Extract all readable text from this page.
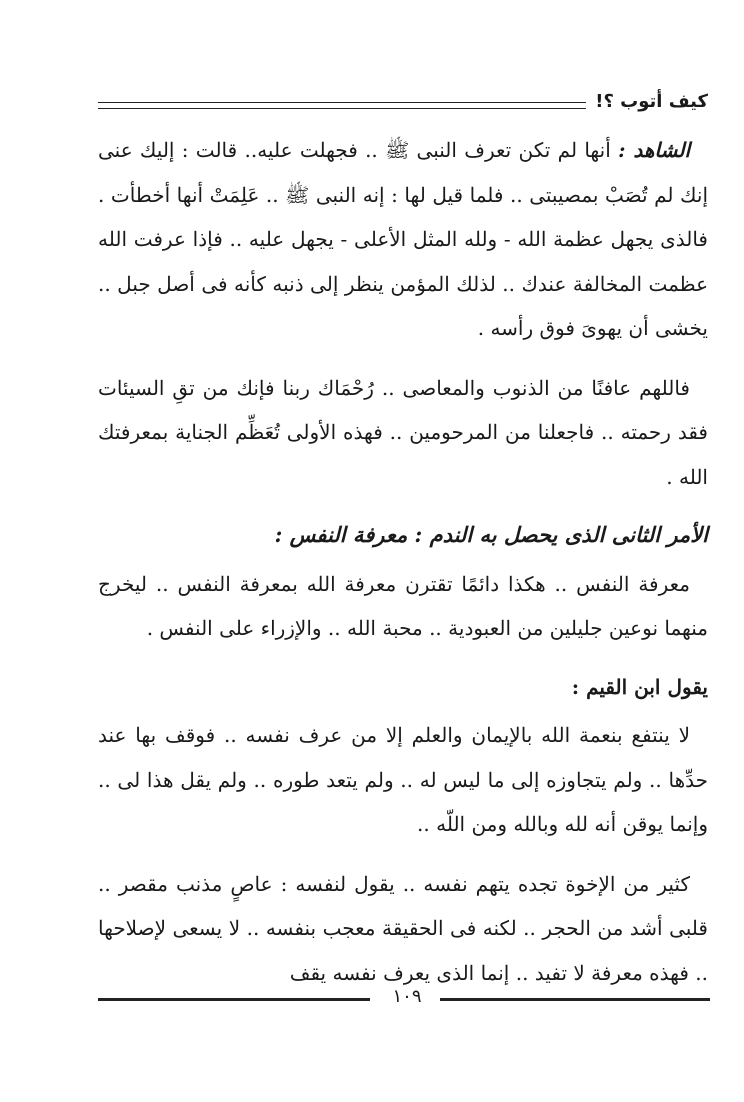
كيف أتوب ؟!

الشاهد : أنها لم تكن تعرف النبى ﷺ .. فجهلت عليه.. قالت : إليك عنى إنك لم تُصَبْ بمصيبتى .. فلما قيل لها : إنه النبى ﷺ .. عَلِمَتْ أنها أخطأت . فالذى يجهل عظمة الله - ولله المثل الأعلى - يجهل عليه .. فإذا عرفت الله عظمت المخالفة عندك .. لذلك المؤمن ينظر إلى ذنبه كأنه فى أصل جبل .. يخشى أن يهوىَ فوق رأسه .

فاللهم عافنًا من الذنوب والمعاصى .. رُحْمَاك ربنا فإنك من تقِ السيئات فقد رحمته .. فاجعلنا من المرحومين .. فهذه الأولى تُعَظِّم الجناية بمعرفتك الله .

الأمر الثانى الذى يحصل به الندم : معرفة النفس :

معرفة النفس .. هكذا دائمًا تقترن معرفة الله بمعرفة النفس .. ليخرج منهما نوعين جليلين من العبودية .. محبة الله .. والإزراء على النفس .

يقول ابن القيم :

لا ينتفع بنعمة الله بالإيمان والعلم إلا من عرف نفسه .. فوقف بها عند حدِّها .. ولم يتجاوزه إلى ما ليس له .. ولم يتعد طوره .. ولم يقل هذا لى .. وإنما يوقن أنه لله وبالله ومن اللّه ..

كثير من الإخوة تجده يتهم نفسه .. يقول لنفسه : عاصٍ مذنب مقصر .. قلبى أشد من الحجر .. لكنه فى الحقيقة معجب بنفسه .. لا يسعى لإصلاحها .. فهذه معرفة لا تفيد .. إنما الذى يعرف نفسه يقف

١٠٩
